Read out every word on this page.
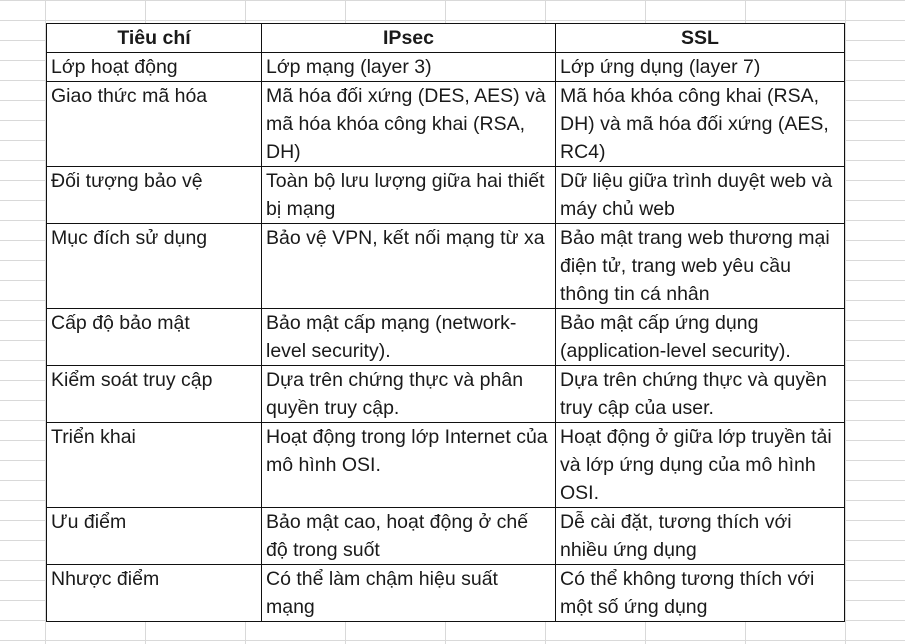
Tiêu chí	IPsec	SSL
Lớp hoạt động	Lớp mạng (layer 3)	Lớp ứng dụng (layer 7)
Giao thức mã hóa	Mã hóa đối xứng (DES, AES) và mã hóa khóa công khai (RSA, DH)	Mã hóa khóa công khai (RSA, DH) và mã hóa đối xứng (AES, RC4)
Đối tượng bảo vệ	Toàn bộ lưu lượng giữa hai thiết bị mạng	Dữ liệu giữa trình duyệt web và máy chủ web
Mục đích sử dụng	Bảo vệ VPN, kết nối mạng từ xa	Bảo mật trang web thương mại điện tử, trang web yêu cầu thông tin cá nhân
Cấp độ bảo mật	Bảo mật cấp mạng (network-level security).	Bảo mật cấp ứng dụng (application-level security).
Kiểm soát truy cập	Dựa trên chứng thực và phân quyền truy cập.	Dựa trên chứng thực và quyền truy cập của user.
Triển khai	Hoạt động trong lớp Internet của mô hình OSI.	Hoạt động ở giữa lớp truyền tải và lớp ứng dụng của mô hình OSI.
Ưu điểm	Bảo mật cao, hoạt động ở chế độ trong suốt	Dễ cài đặt, tương thích với nhiều ứng dụng
Nhược điểm	Có thể làm chậm hiệu suất mạng	Có thể không tương thích với một số ứng dụng
